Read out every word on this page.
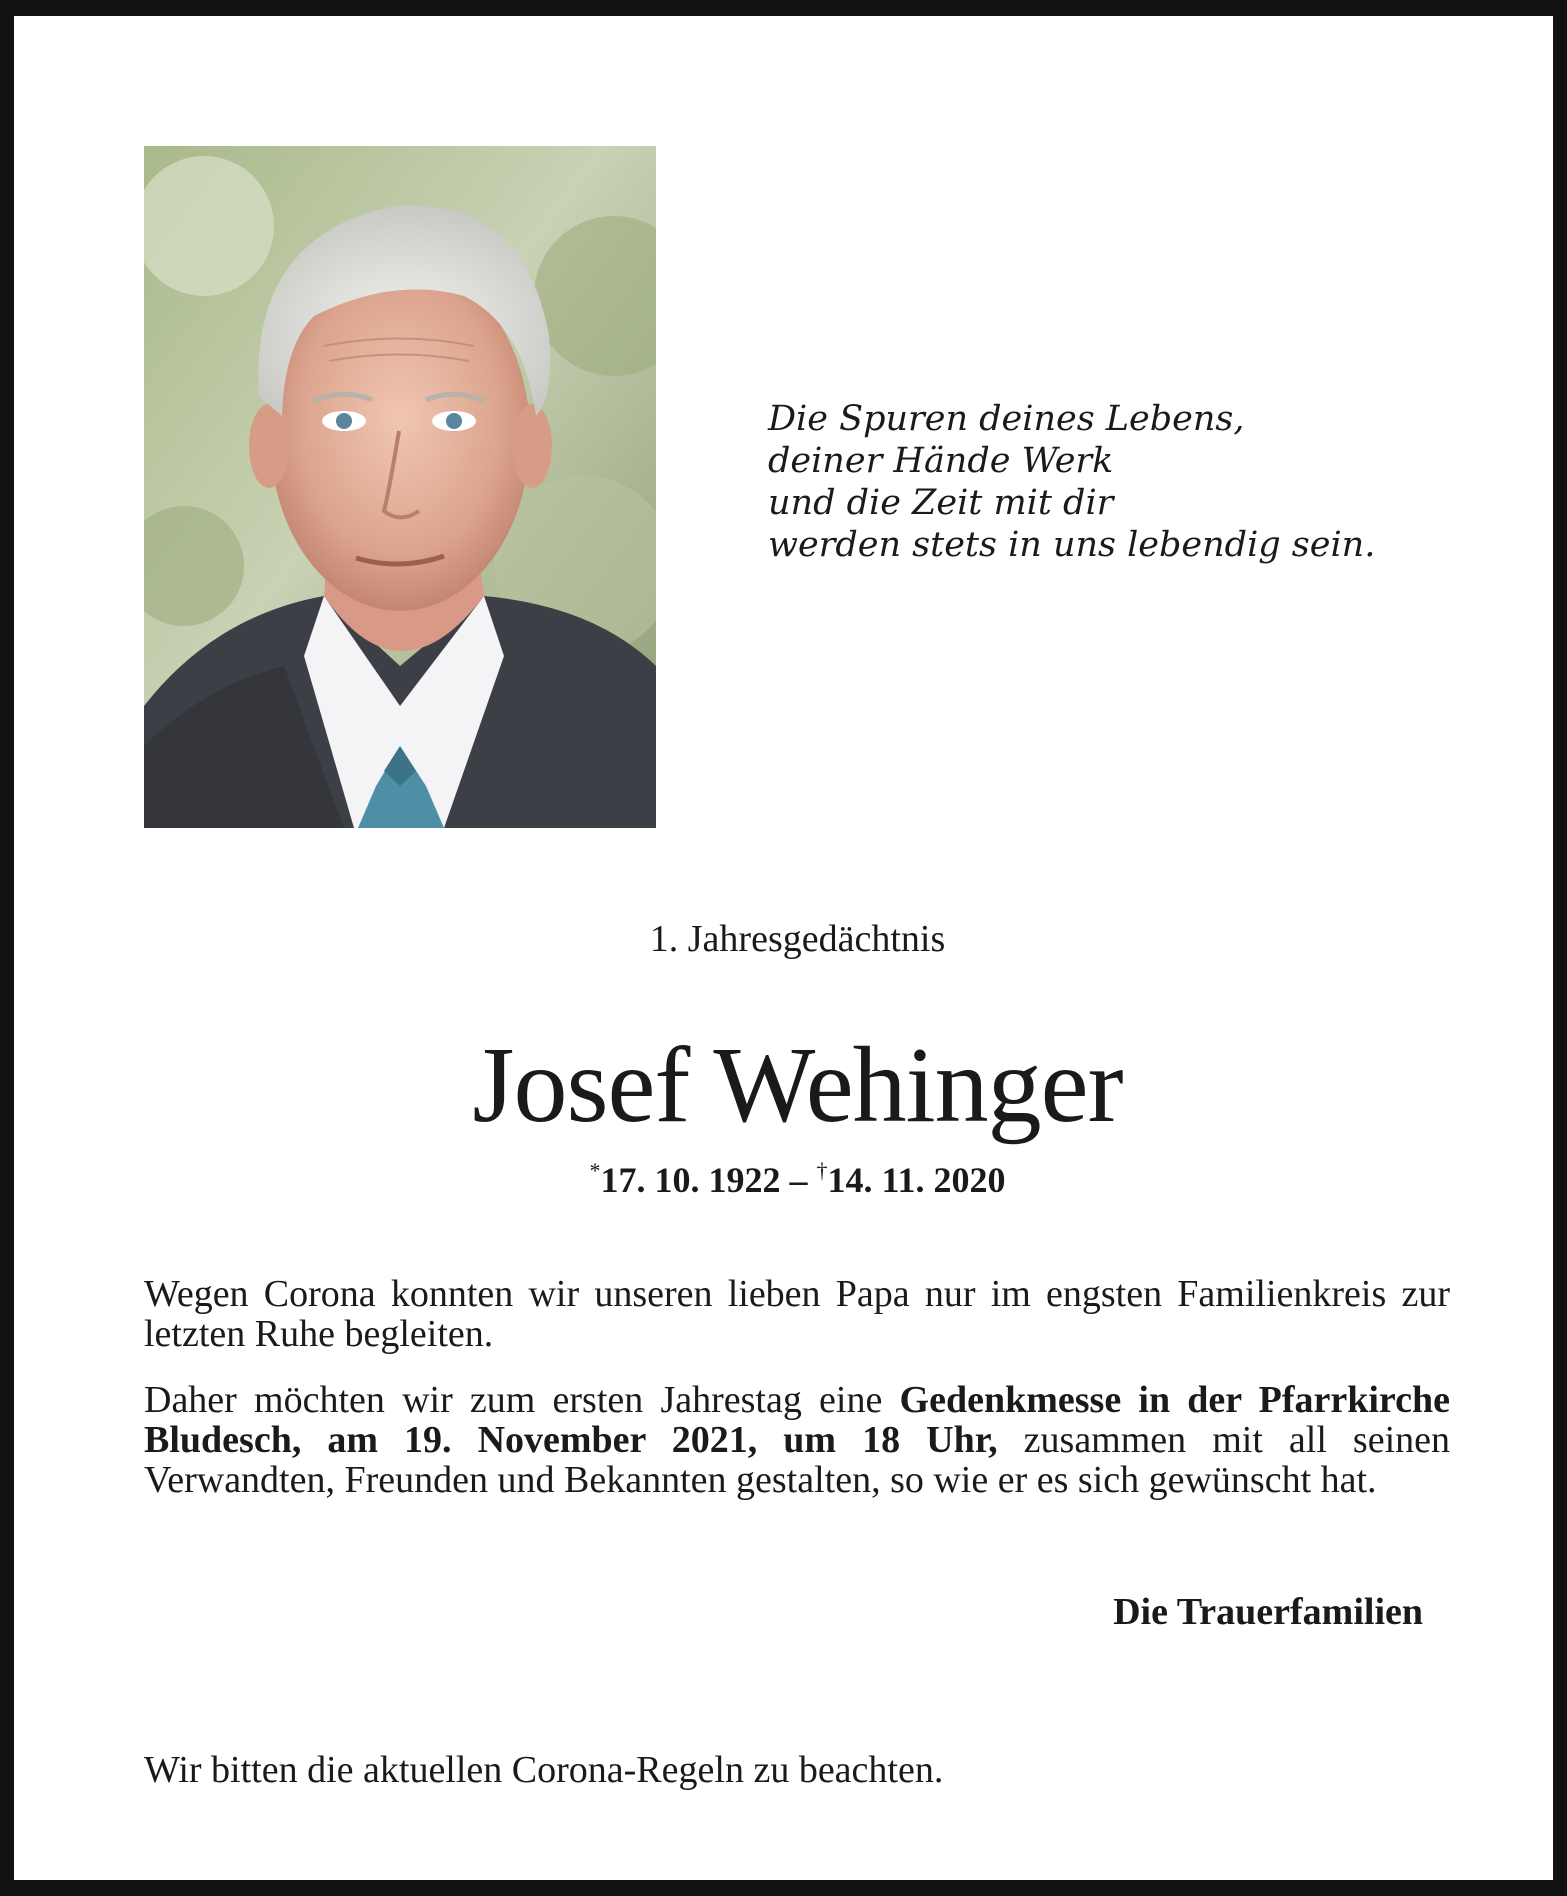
Die Spuren deines Lebens,
deiner Hände Werk
und die Zeit mit dir
werden stets in uns lebendig sein.
1. Jahresgedächtnis
Josef Wehinger
*17. 10. 1922 – †14. 11. 2020
Wegen Corona konnten wir unseren lieben Papa nur im engsten Familienkreis zur letzten Ruhe begleiten.
Daher möchten wir zum ersten Jahrestag eine Gedenkmesse in der Pfarrkirche Bludesch, am 19. November 2021, um 18 Uhr, zusammen mit all seinen Verwandten, Freunden und Bekannten gestalten, so wie er es sich gewünscht hat.
Die Trauerfamilien
Wir bitten die aktuellen Corona-Regeln zu beachten.
